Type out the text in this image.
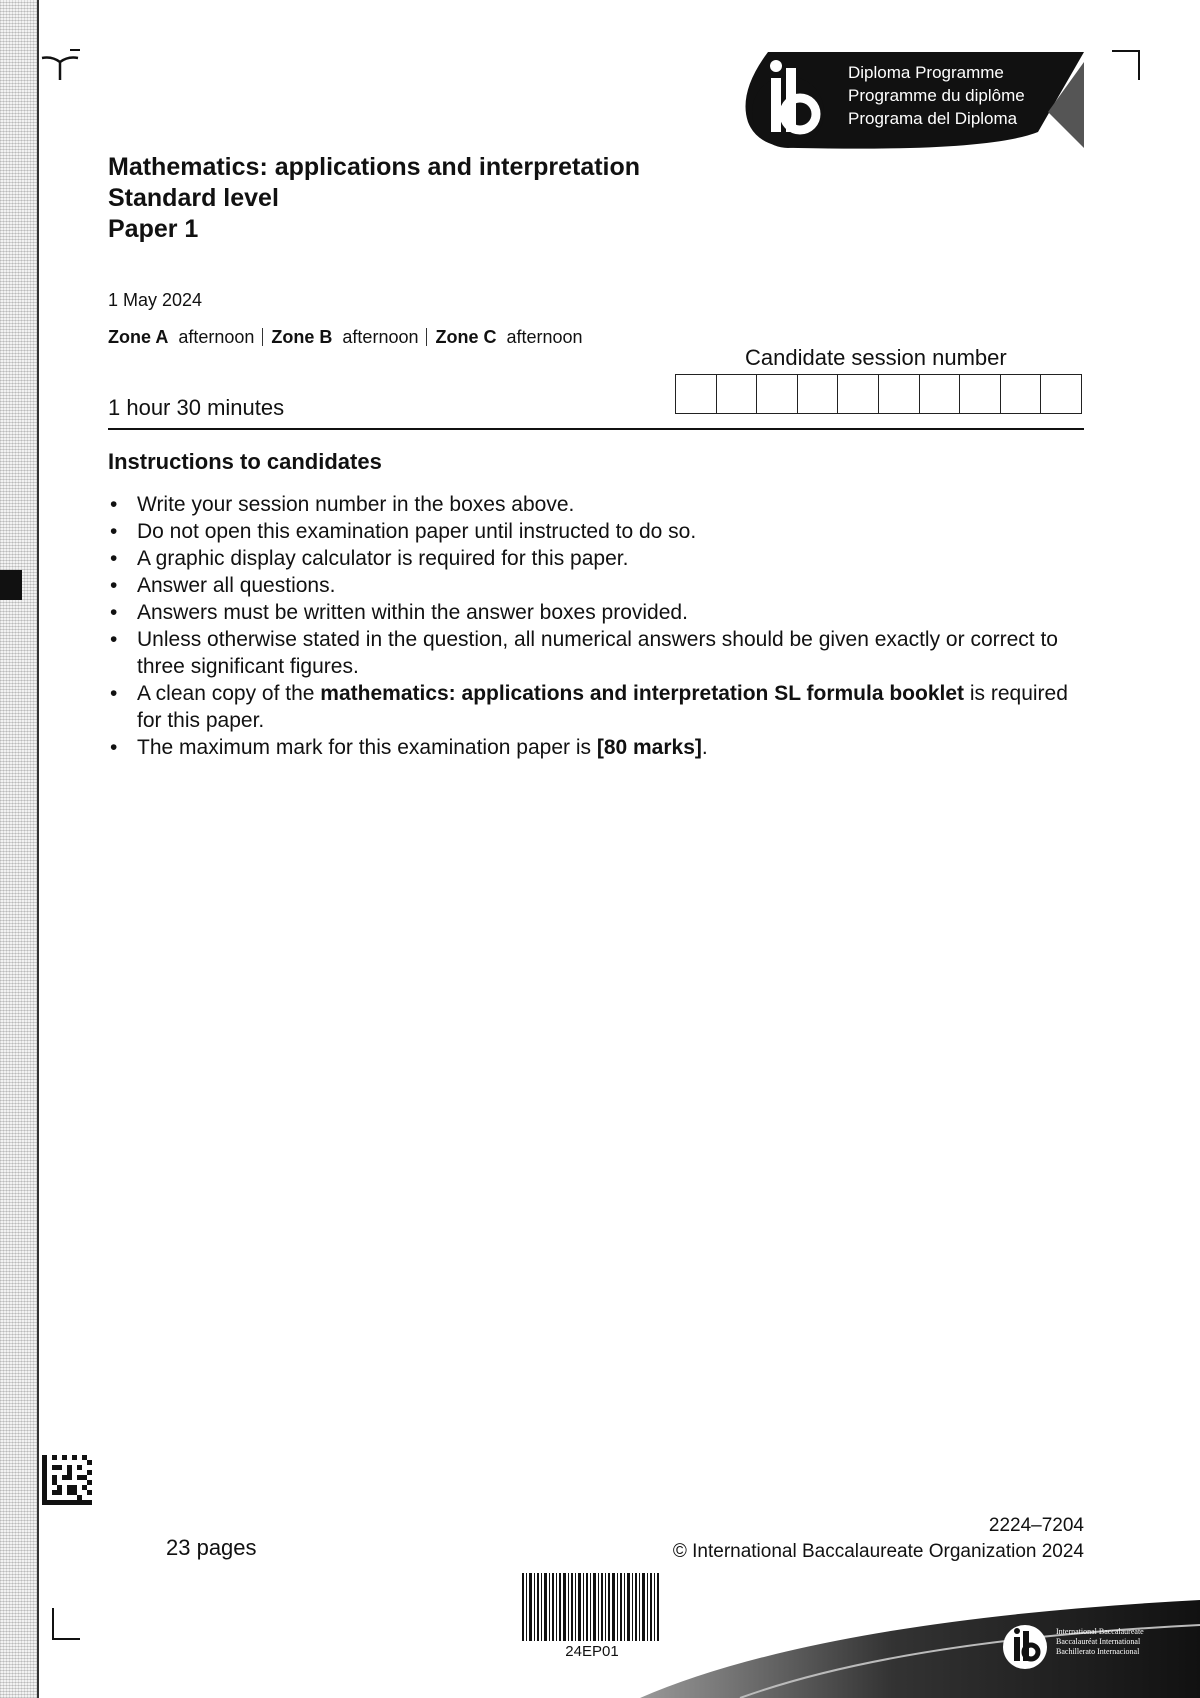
Diploma Programme
Programme du diplôme
Programa del Diploma
Mathematics: applications and interpretation
Standard level
Paper 1
1 May 2024
Zone A afternoon Zone B afternoon Zone C afternoon
1 hour 30 minutes
Candidate session number
Instructions to candidates
• Write your session number in the boxes above.
• Do not open this examination paper until instructed to do so.
• A graphic display calculator is required for this paper.
• Answer all questions.
• Answers must be written within the answer boxes provided.
• Unless otherwise stated in the question, all numerical answers should be given exactly or correct to three significant figures.
• A clean copy of the mathematics: applications and interpretation SL formula booklet is required for this paper.
• The maximum mark for this examination paper is [80 marks].
23 pages
2224–7204
© International Baccalaureate Organization 2024
24EP01
International Baccalaureate
Baccalauréat International
Bachillerato Internacional
